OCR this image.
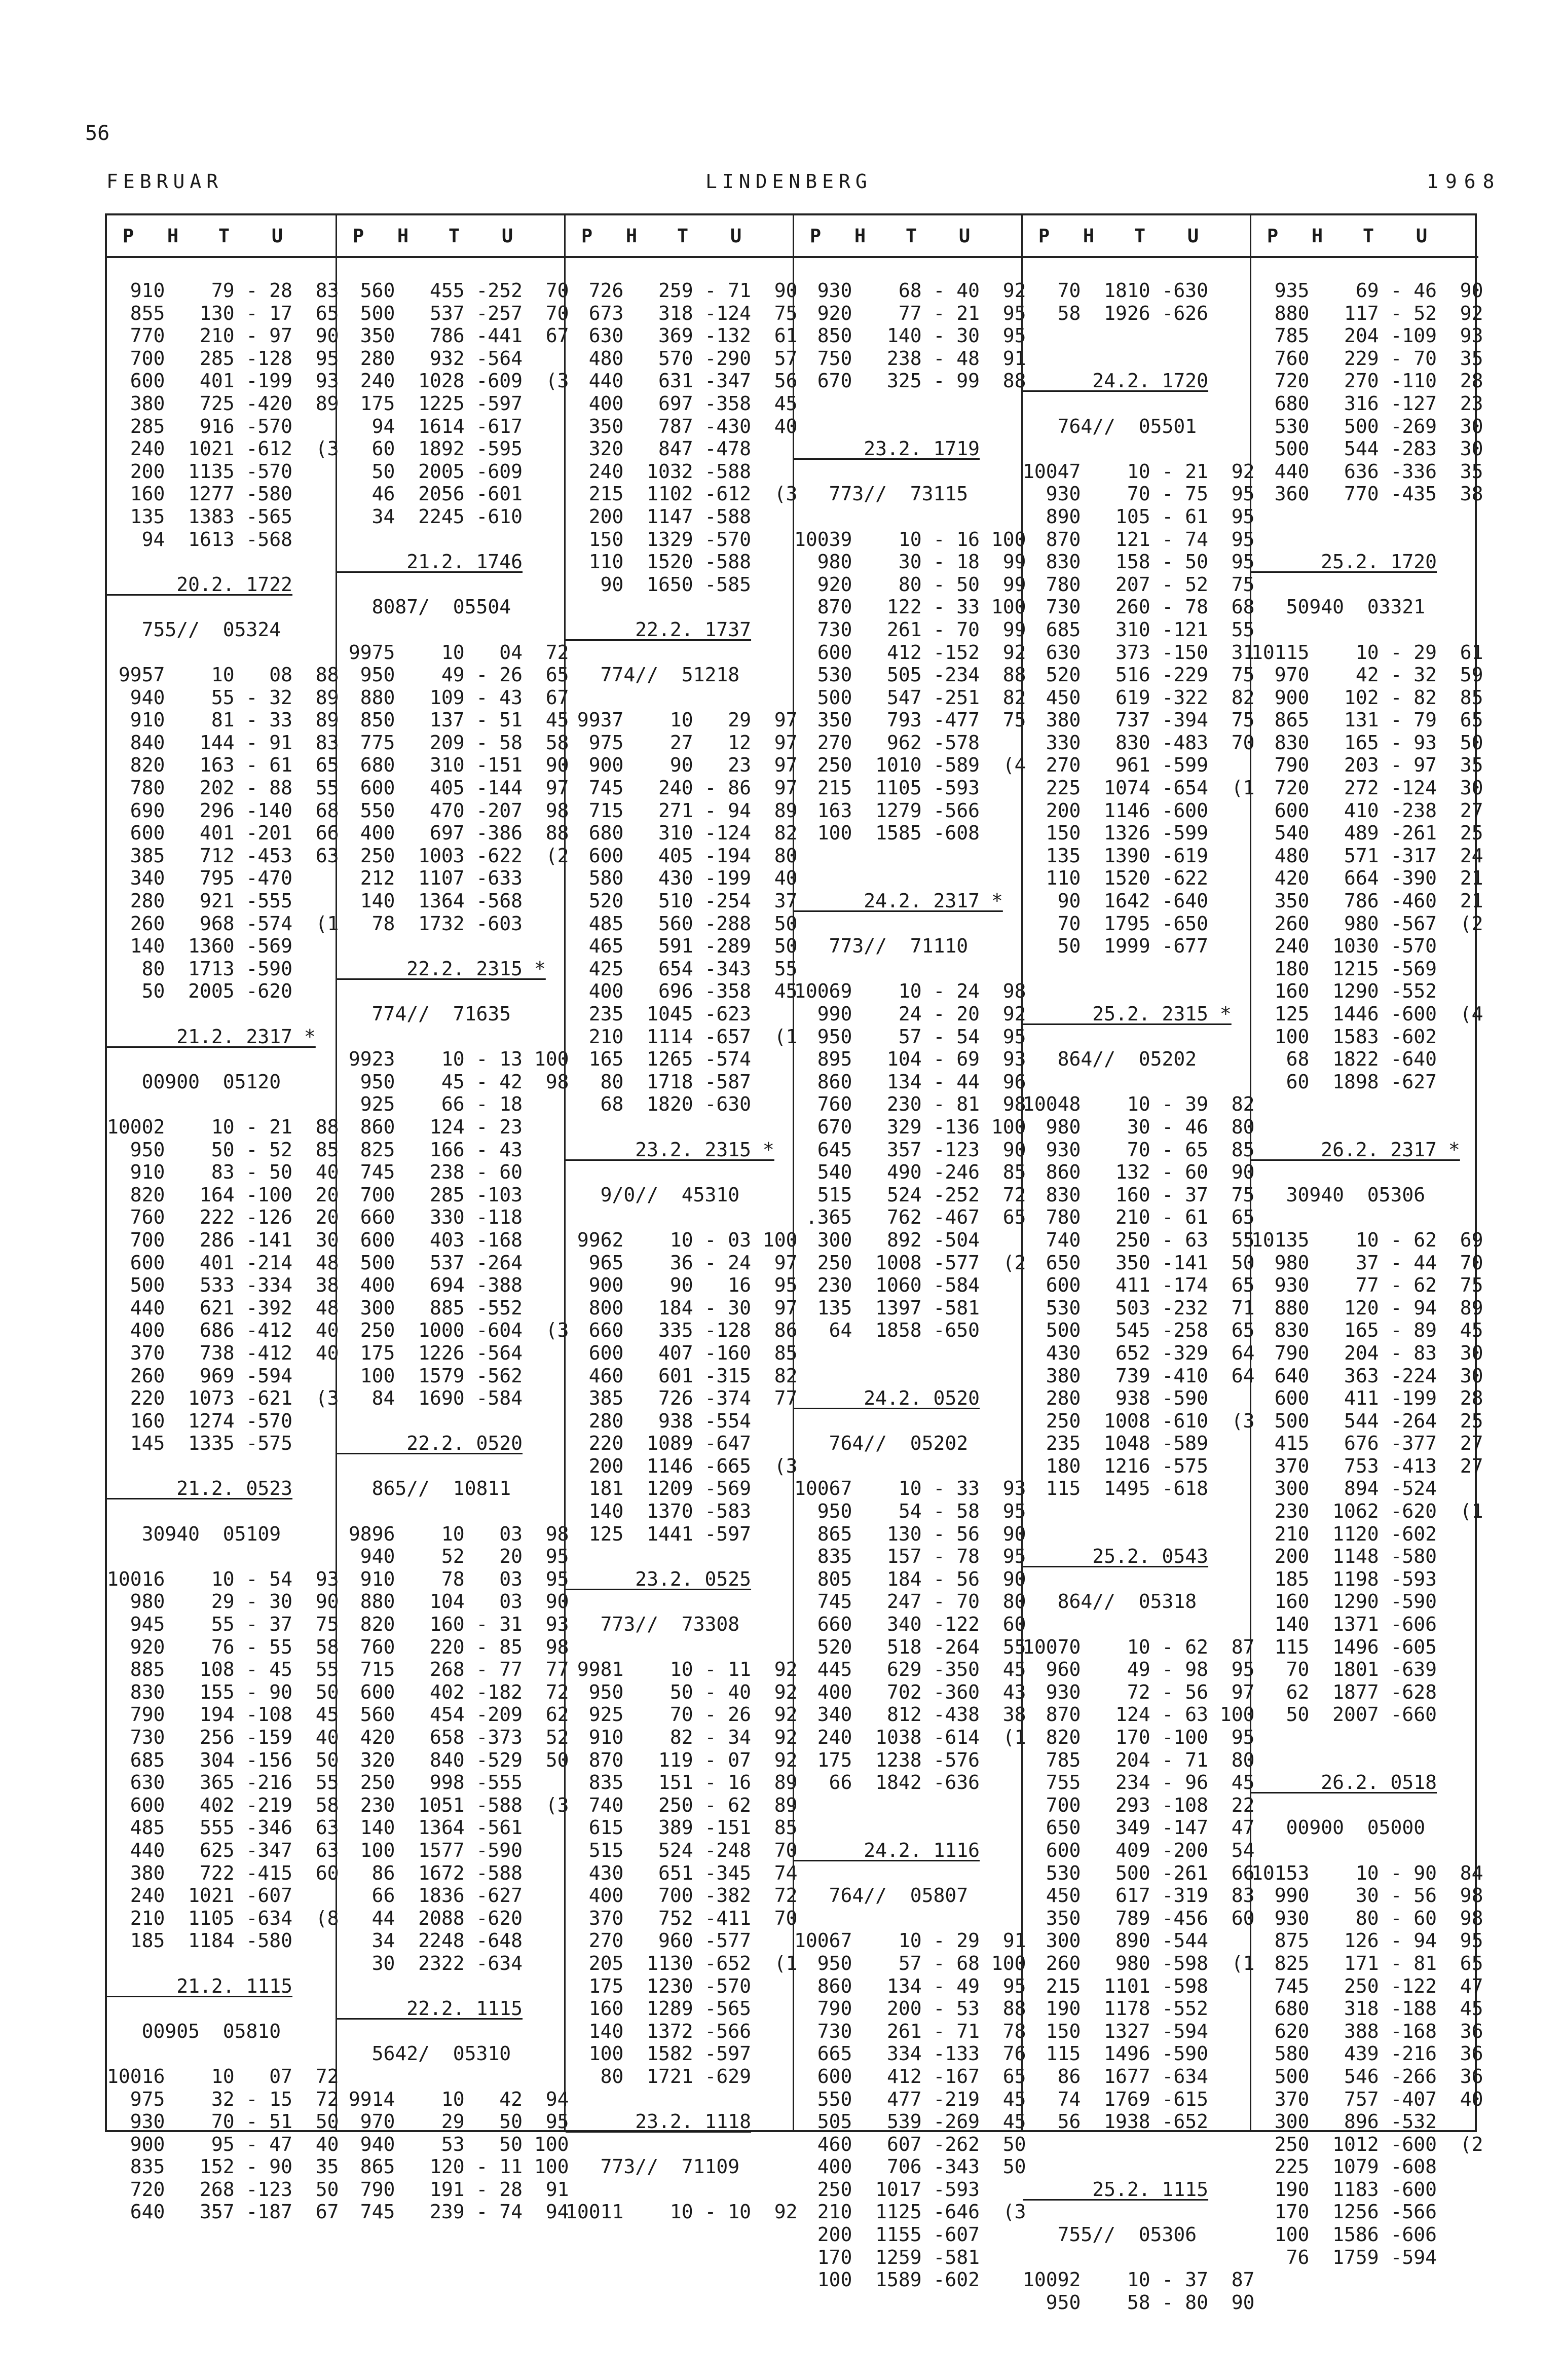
56
FEBRUAR	LINDENBERG	1968
P	H	T	U
910    79 - 28  83
855   130 - 17  65
770   210 - 97  90
700   285 -128  95
600   401 -199  93
380   725 -420  89
285   916 -570
240  1021 -612  (3
200  1135 -570
160  1277 -580
135  1383 -565
94  1613 -568
20.2. 1722
755//  05324
9957    10   08  88
940    55 - 32  89
910    81 - 33  89
840   144 - 91  83
820   163 - 61  65
780   202 - 88  55
690   296 -140  68
600   401 -201  66
385   712 -453  63
340   795 -470
280   921 -555
260   968 -574  (1
140  1360 -569
80  1713 -590
50  2005 -620
21.2. 2317 *
00900  05120
10002    10 - 21  88
950    50 - 52  85
910    83 - 50  40
820   164 -100  20
760   222 -126  20
700   286 -141  30
600   401 -214  48
500   533 -334  38
440   621 -392  48
400   686 -412  40
370   738 -412  40
260   969 -594
220  1073 -621  (3
160  1274 -570
145  1335 -575
21.2. 0523
30940  05109
10016    10 - 54  93
980    29 - 30  90
945    55 - 37  75
920    76 - 55  58
885   108 - 45  55
830   155 - 90  50
790   194 -108  45
730   256 -159  40
685   304 -156  50
630   365 -216  55
600   402 -219  58
485   555 -346  63
440   625 -347  63
380   722 -415  60
240  1021 -607
210  1105 -634  (8
185  1184 -580
21.2. 1115
00905  05810
10016    10   07  72
975    32 - 15  72
930    70 - 51  50
900    95 - 47  40
835   152 - 90  35
720   268 -123  50
640   357 -187  67
P	H	T	U
560   455 -252  70
500   537 -257  70
350   786 -441  67
280   932 -564
240  1028 -609  (3
175  1225 -597
94  1614 -617
60  1892 -595
50  2005 -609
46  2056 -601
34  2245 -610
21.2. 1746
8087/  05504
9975    10   04  72
950    49 - 26  65
880   109 - 43  67
850   137 - 51  45
775   209 - 58  58
680   310 -151  90
600   405 -144  97
550   470 -207  98
400   697 -386  88
250  1003 -622  (2
212  1107 -633
140  1364 -568
78  1732 -603
22.2. 2315 *
774//  71635
9923    10 - 13 100
950    45 - 42  98
925    66 - 18
860   124 - 23
825   166 - 43
745   238 - 60
700   285 -103
660   330 -118
600   403 -168
500   537 -264
400   694 -388
300   885 -552
250  1000 -604  (3
175  1226 -564
100  1579 -562
84  1690 -584
22.2. 0520
865//  10811
9896    10   03  98
940    52   20  95
910    78   03  95
880   104   03  90
820   160 - 31  93
760   220 - 85  98
715   268 - 77  77
600   402 -182  72
560   454 -209  62
420   658 -373  52
320   840 -529  50
250   998 -555
230  1051 -588  (3
140  1364 -561
100  1577 -590
86  1672 -588
66  1836 -627
44  2088 -620
34  2248 -648
30  2322 -634
22.2. 1115
5642/  05310
9914    10   42  94
970    29   50  95
940    53   50 100
865   120 - 11 100
790   191 - 28  91
745   239 - 74  94
P	H	T	U
726   259 - 71  90
673   318 -124  75
630   369 -132  61
480   570 -290  57
440   631 -347  56
400   697 -358  45
350   787 -430  40
320   847 -478
240  1032 -588
215  1102 -612  (3
200  1147 -588
150  1329 -570
110  1520 -588
90  1650 -585
22.2. 1737
774//  51218
9937    10   29  97
975    27   12  97
900    90   23  97
745   240 - 86  97
715   271 - 94  89
680   310 -124  82
600   405 -194  80
580   430 -199  40
520   510 -254  37
485   560 -288  50
465   591 -289  50
425   654 -343  55
400   696 -358  45
235  1045 -623
210  1114 -657  (1
165  1265 -574
80  1718 -587
68  1820 -630
23.2. 2315 *
9/0//  45310
9962    10 - 03 100
965    36 - 24  97
900    90   16  95
800   184 - 30  97
660   335 -128  86
600   407 -160  85
460   601 -315  82
385   726 -374  77
280   938 -554
220  1089 -647
200  1146 -665  (3
181  1209 -569
140  1370 -583
125  1441 -597
23.2. 0525
773//  73308
9981    10 - 11  92
950    50 - 40  92
925    70 - 26  92
910    82 - 34  92
870   119 - 07  92
835   151 - 16  89
740   250 - 62  89
615   389 -151  85
515   524 -248  70
430   651 -345  74
400   700 -382  72
370   752 -411  70
270   960 -577
205  1130 -652  (1
175  1230 -570
160  1289 -565
140  1372 -566
100  1582 -597
80  1721 -629
23.2. 1118
773//  71109
10011    10 - 10  92
P	H	T	U
930    68 - 40  92
920    77 - 21  95
850   140 - 30  95
750   238 - 48  91
670   325 - 99  88
23.2. 1719
773//  73115
10039    10 - 16 100
980    30 - 18  99
920    80 - 50  99
870   122 - 33 100
730   261 - 70  99
600   412 -152  92
530   505 -234  88
500   547 -251  82
350   793 -477  75
270   962 -578
250  1010 -589  (4
215  1105 -593
163  1279 -566
100  1585 -608
24.2. 2317 *
773//  71110
10069    10 - 24  98
990    24 - 20  92
950    57 - 54  95
895   104 - 69  93
860   134 - 44  96
760   230 - 81  98
670   329 -136 100
645   357 -123  90
540   490 -246  85
515   524 -252  72
.365   762 -467  65
300   892 -504
250  1008 -577  (2
230  1060 -584
135  1397 -581
64  1858 -650
24.2. 0520
764//  05202
10067    10 - 33  93
950    54 - 58  95
865   130 - 56  90
835   157 - 78  95
805   184 - 56  90
745   247 - 70  80
660   340 -122  60
520   518 -264  55
445   629 -350  45
400   702 -360  43
340   812 -438  38
240  1038 -614  (1
175  1238 -576
66  1842 -636
24.2. 1116
764//  05807
10067    10 - 29  91
950    57 - 68 100
860   134 - 49  95
790   200 - 53  88
730   261 - 71  78
665   334 -133  76
600   412 -167  65
550   477 -219  45
505   539 -269  45
460   607 -262  50
400   706 -343  50
250  1017 -593
210  1125 -646  (3
200  1155 -607
170  1259 -581
100  1589 -602
P	H	T	U
70  1810 -630
58  1926 -626
24.2. 1720
764//  05501
10047    10 - 21  92
930    70 - 75  95
890   105 - 61  95
870   121 - 74  95
830   158 - 50  95
780   207 - 52  75
730   260 - 78  68
685   310 -121  55
630   373 -150  31
520   516 -229  75
450   619 -322  82
380   737 -394  75
330   830 -483  70
270   961 -599
225  1074 -654  (1
200  1146 -600
150  1326 -599
135  1390 -619
110  1520 -622
90  1642 -640
70  1795 -650
50  1999 -677
25.2. 2315 *
864//  05202
10048    10 - 39  82
980    30 - 46  80
930    70 - 65  85
860   132 - 60  90
830   160 - 37  75
780   210 - 61  65
740   250 - 63  55
650   350 -141  50
600   411 -174  65
530   503 -232  71
500   545 -258  65
430   652 -329  64
380   739 -410  64
280   938 -590
250  1008 -610  (3
235  1048 -589
180  1216 -575
115  1495 -618
25.2. 0543
864//  05318
10070    10 - 62  87
960    49 - 98  95
930    72 - 56  97
870   124 - 63 100
820   170 -100  95
785   204 - 71  80
755   234 - 96  45
700   293 -108  22
650   349 -147  47
600   409 -200  54
530   500 -261  66
450   617 -319  83
350   789 -456  60
300   890 -544
260   980 -598  (1
215  1101 -598
190  1178 -552
150  1327 -594
115  1496 -590
86  1677 -634
74  1769 -615
56  1938 -652
25.2. 1115
755//  05306
10092    10 - 37  87
950    58 - 80  90
P	H	T	U
935    69 - 46  90
880   117 - 52  92
785   204 -109  93
760   229 - 70  35
720   270 -110  28
680   316 -127  23
530   500 -269  30
500   544 -283  30
440   636 -336  35
360   770 -435  38
25.2. 1720
50940  03321
10115    10 - 29  61
970    42 - 32  59
900   102 - 82  85
865   131 - 79  65
830   165 - 93  50
790   203 - 97  35
720   272 -124  30
600   410 -238  27
540   489 -261  25
480   571 -317  24
420   664 -390  21
350   786 -460  21
260   980 -567  (2
240  1030 -570
180  1215 -569
160  1290 -552
125  1446 -600  (4
100  1583 -602
68  1822 -640
60  1898 -627
26.2. 2317 *
30940  05306
10135    10 - 62  69
980    37 - 44  70
930    77 - 62  75
880   120 - 94  89
830   165 - 89  45
790   204 - 83  30
640   363 -224  30
600   411 -199  28
500   544 -264  25
415   676 -377  27
370   753 -413  27
300   894 -524
230  1062 -620  (1
210  1120 -602
200  1148 -580
185  1198 -593
160  1290 -590
140  1371 -606
115  1496 -605
70  1801 -639
62  1877 -628
50  2007 -660
26.2. 0518
00900  05000
10153    10 - 90  84
990    30 - 56  98
930    80 - 60  98
875   126 - 94  95
825   171 - 81  65
745   250 -122  47
680   318 -188  45
620   388 -168  36
580   439 -216  36
500   546 -266  36
370   757 -407  40
300   896 -532
250  1012 -600  (2
225  1079 -608
190  1183 -600
170  1256 -566
100  1586 -606
76  1759 -594
